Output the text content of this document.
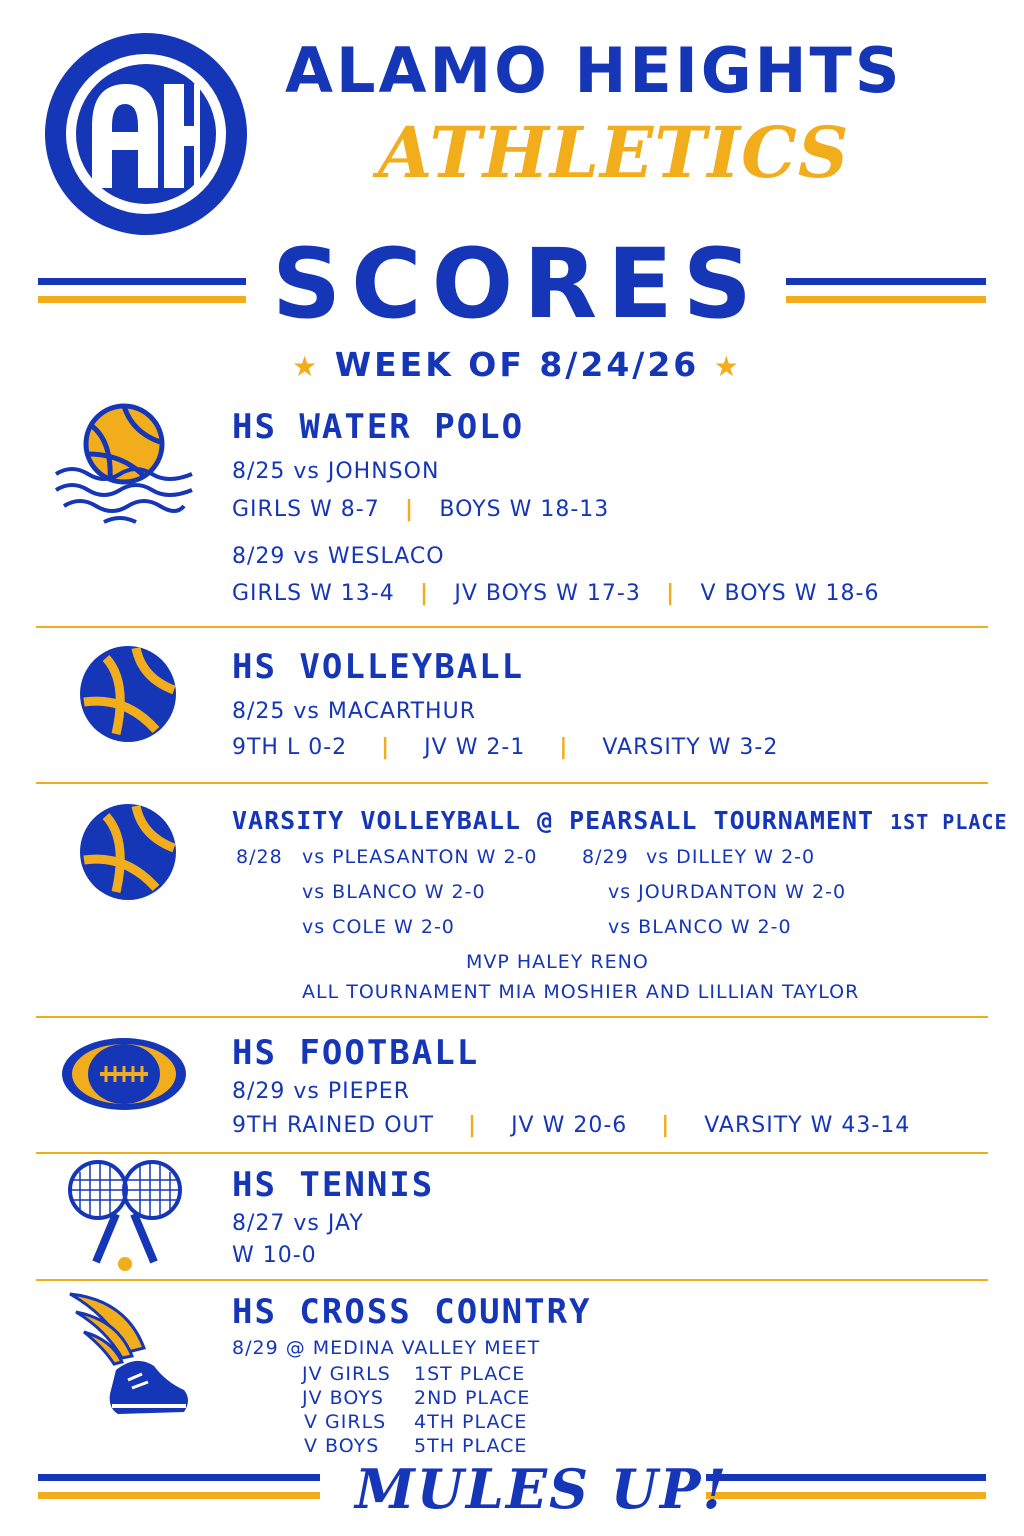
ALAMO HEIGHTS
ATHLETICS
SCORES
★ WEEK OF 8/24/26 ★
HS WATER POLO
8/25 vs JOHNSON
GIRLS W 8-7   |   BOYS W 18-13
8/29 vs WESLACO
GIRLS W 13-4   |   JV BOYS W 17-3   |   V BOYS W 18-6
HS VOLLEYBALL
8/25 vs MACARTHUR
9TH L 0-2    |    JV W 2-1    |    VARSITY W 3-2
VARSITY VOLLEYBALL @ PEARSALL TOURNAMENT 1ST PLACE
8/28 vs PLEASANTON W 2-0
vs BLANCO W 2-0
vs COLE W 2-0
8/29 vs DILLEY W 2-0
vs JOURDANTON W 2-0
vs BLANCO W 2-0
MVP HALEY RENO
ALL TOURNAMENT MIA MOSHIER AND LILLIAN TAYLOR
HS FOOTBALL
8/29 vs PIEPER
9TH RAINED OUT    |    JV W 20-6    |    VARSITY W 43-14
HS TENNIS
8/27 vs JAY
W 10-0
HS CROSS COUNTRY
8/29 @ MEDINA VALLEY MEET
JV GIRLS 1ST PLACE
JV BOYS 2ND PLACE
V GIRLS 4TH PLACE
V BOYS 5TH PLACE
MULES UP!
